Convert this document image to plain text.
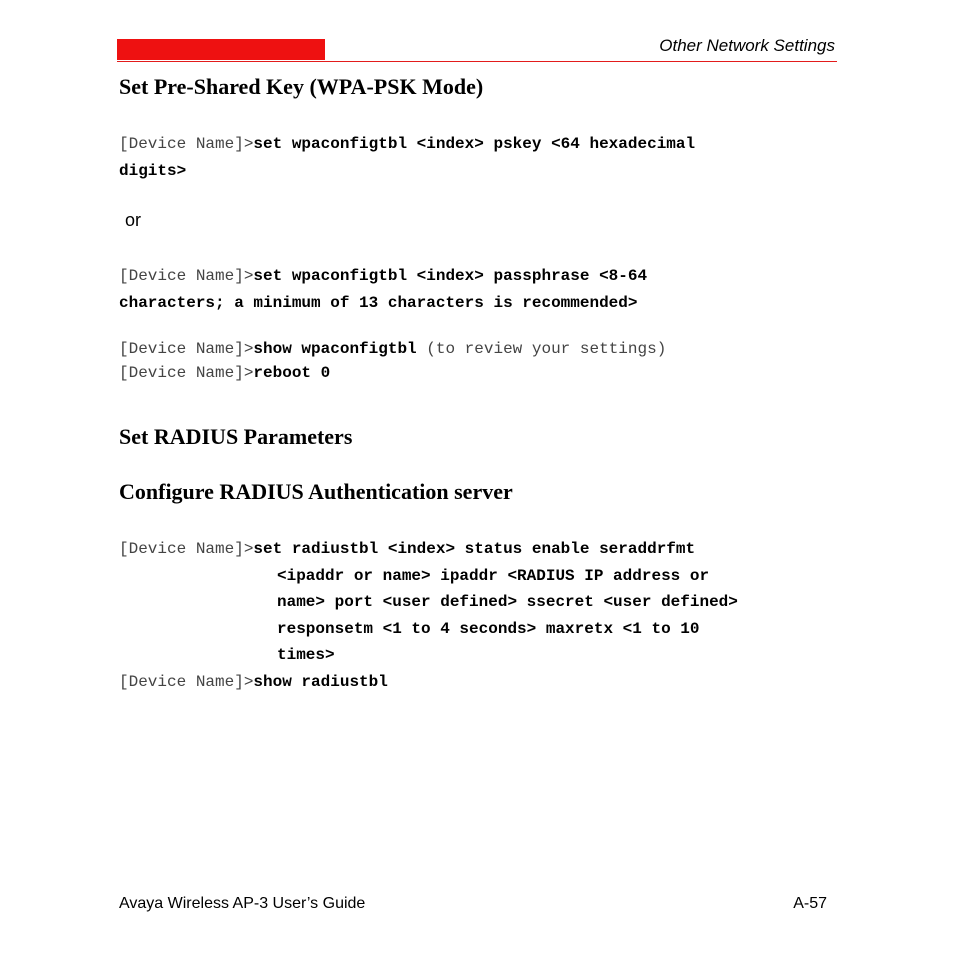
Other Network Settings
Set Pre-Shared Key (WPA-PSK Mode)
[Device Name]>set wpaconfigtbl <index> pskey <64 hexadecimal
digits>
or
[Device Name]>set wpaconfigtbl <index> passphrase <8-64
characters; a minimum of 13 characters is recommended>
[Device Name]>show wpaconfigtbl (to review your settings)
[Device Name]>reboot 0
Set RADIUS Parameters
Configure RADIUS Authentication server
[Device Name]>set radiustbl <index> status enable seraddrfmt
<ipaddr or name> ipaddr <RADIUS IP address or
name> port <user defined> ssecret <user defined>
responsetm <1 to 4 seconds> maxretx <1 to 10
times>
[Device Name]>show radiustbl
Avaya Wireless AP-3 User’s Guide	A-57
